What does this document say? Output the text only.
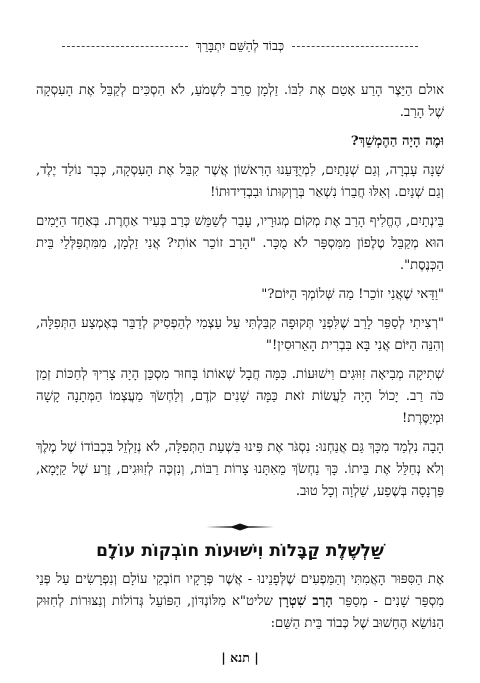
כְּבוֹד לְהַשֵּׁם יִתְבָּרֵךְ

אולם הַיֵּצֶר הָרַע אָטַם אֶת לִבּוֹ. זַלְמָן סֵרֵב לִשְׁמֹעַ, לֹא הִסְכִּים לְקַבֵּל אֶת הָעִסְקָה שֶׁל הָרַב.

וּמֶה הָיָה הַהֶמְשֵׁךְ?

שָׁנָה עָבְרָה, וְגַם שְׁנָתַיִם, לִמְיֻדָּעֵנוּ הָרִאשׁוֹן אֲשֶׁר קִבֵּל אֶת הָעִסְקָה, כְּבָר נוֹלַד יֶלֶד, וְגַם שְׁנַיִם. וְאִלּוּ חֲבֵרוֹ נִשְׁאַר בְּרַוְקוּתוֹ וּבִבְדִידוּתוֹ!

בֵּינְתַיִם, הֶחֱלִיף הָרַב אֶת מְקוֹם מְגוּרָיו, עָבַר לְשַׁמֵּשׁ כְּרַב בְּעִיר אַחֶרֶת. בְּאַחַד הַיָּמִים הוּא מְקַבֵּל טֶלֶפוֹן מִמִּסְפָּר לֹא מֻכָּר. "הָרַב זוֹכֵר אוֹתִי? אֲנִי זַלְמָן, מִמִּתְפַּלְּלֵי בֵּית הַכְּנֶסֶת".

"וַדַּאי שֶׁאֲנִי זוֹכֵר! מַה שְּׁלוֹמְךָ הַיּוֹם?"

"רְצִיתִי לְסַפֵּר לָרַב שֶׁלִּפְנֵי תְּקוּפָה קִבַּלְתִּי עַל עַצְמִי לְהַפְסִיק לְדַבֵּר בְּאֶמְצַע הַתְּפִלָּה, וְהִנֵּה הַיּוֹם אֲנִי בָּא בִּבְרִית הָאֵרוּסִין!"

שְׁתִיקָה מְבִיאָה זִוּוּגִים וִישׁוּעוֹת. כַּמָּה חֲבָל שֶׁאוֹתוֹ בָּחוּר מִסְכֵּן הָיָה צָרִיךְ לְחַכּוֹת זְמַן כֹּה רַב. יָכוֹל הָיָה לַעֲשׂוֹת זֹאת כַּמָּה שָׁנִים קֹדֶם, וְלַחְשֹׂךְ מַעֲצְמוֹ הַמְּתָנָה קָשָׁה וּמְיַסֶּרֶת!

הָבָה נִלְמַד מִכָּךְ גַּם אֲנַחְנוּ: נִסְגֹּר אֶת פִּינוּ בִּשְׁעַת הַתְּפִלָּה, לֹא נְזַלְזֵל בִּכְבוֹדוֹ שֶׁל מֶלֶךְ וְלֹא נְחַלֵּל אֶת בֵּיתוֹ. כָּךְ נַחְשֹׂךְ מֵאִתָּנוּ צָרוֹת רַבּוֹת, וְנִזְכֶּה לְזִוּוּגִים, זֶרַע שֶׁל קַיָּמָא, פַּרְנָסָה בְּשֶׁפַע, שַׁלְוָה וְכָל טוּב.

שַׁלְשֶׁלֶת קַבָּלוֹת וִישׁוּעוֹת חוֹבְקוֹת עוֹלָם
אֶת הַסִּפּוּר הָאֲמִתִּי וְהַמַּפְעִים שֶׁלְּפָנֵינוּ - אֲשֶׁר פְּרָקָיו חוֹבְקֵי עוֹלָם וְנִפְרָשִׂים עַל פְּנֵי מִסְפַּר שָׁנִים - מְסַפֵּר הָרַב שִׁטְרָן שליט"א מִלּוֹנְדּוֹן, הַפּוֹעֵל גְּדוֹלוֹת וְנִצּוּרוֹת לְחִזּוּק הַנּוֹשֵׂא הֶחָשׁוּב שֶׁל כְּבוֹד בֵּית הַשֵּׁם:
| תנא |
